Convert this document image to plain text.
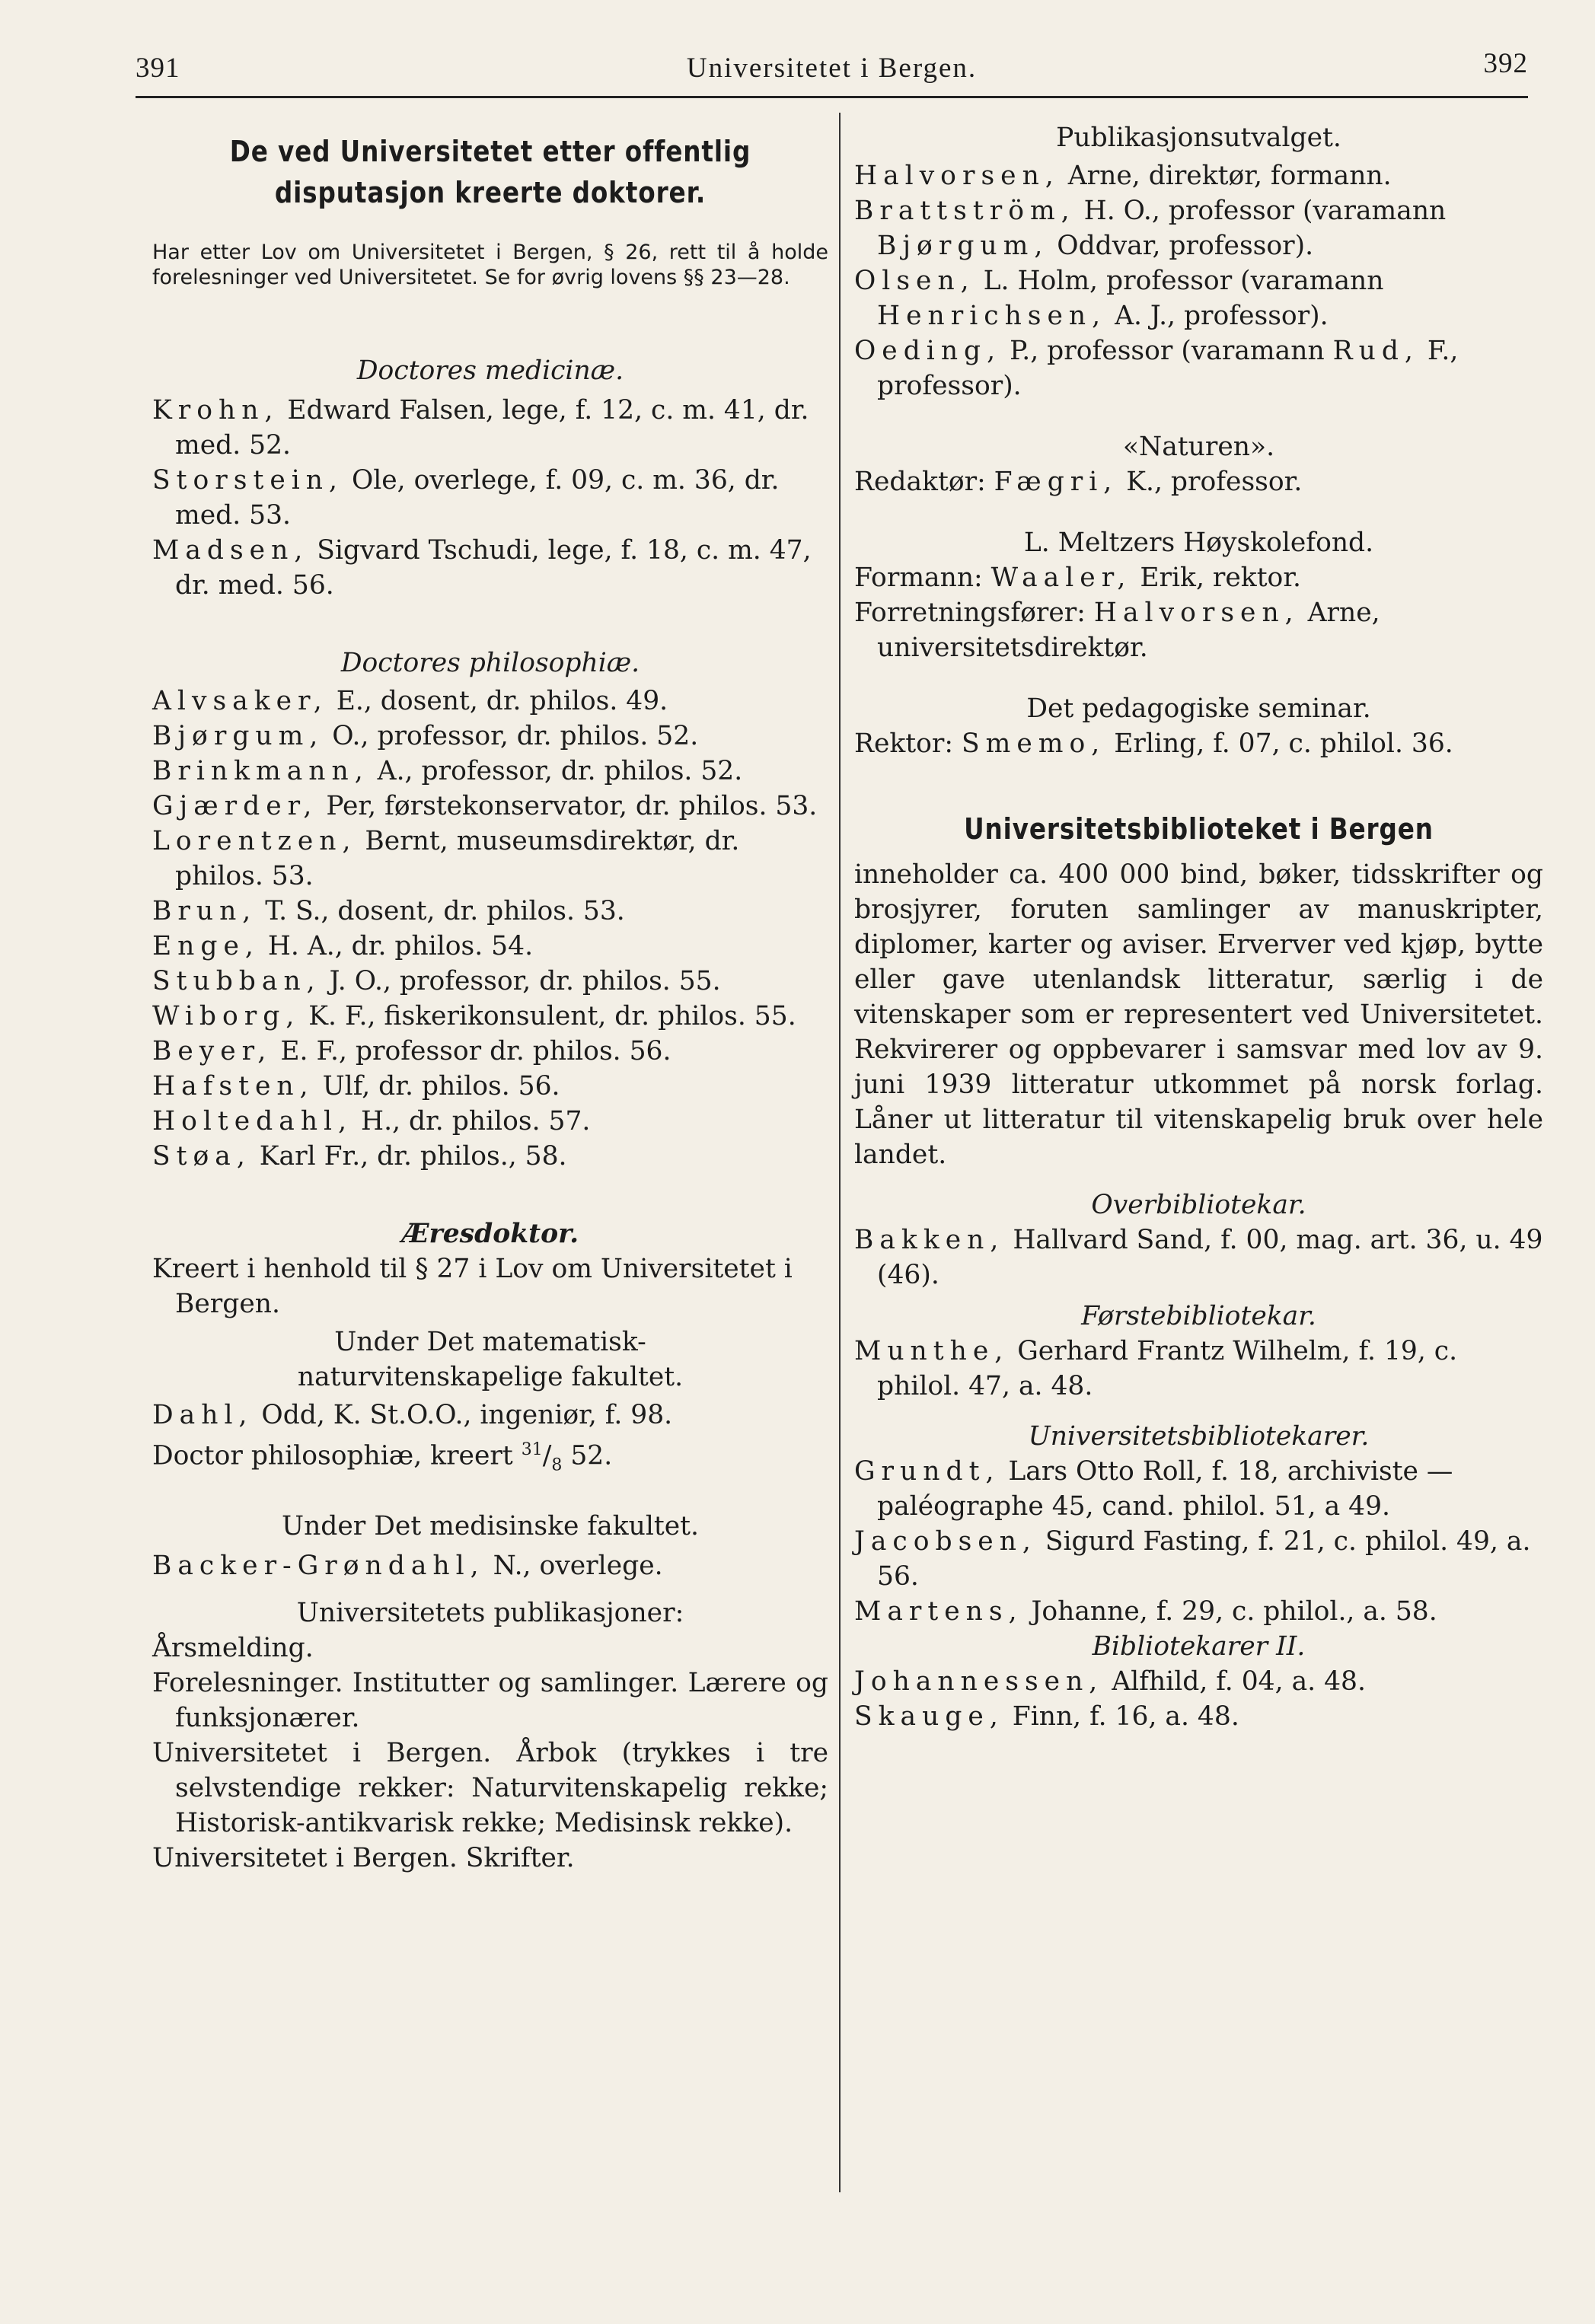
391	Universitetet i Bergen.	392
De ved Universitetet etter offentlig
disputasjon kreerte doktorer.

Har etter Lov om Universitetet i Bergen, § 26, rett til å holde forelesninger ved Universitetet. Se for øvrig lovens §§ 23—28.

Doctores medicinæ.

Krohn, Edward Falsen, lege, f. 12, c. m. 41, dr. med. 52.

Storstein, Ole, overlege, f. 09, c. m. 36, dr. med. 53.

Madsen, Sigvard Tschudi, lege, f. 18, c. m. 47, dr. med. 56.

Doctores philosophiæ.

Alvsaker, E., dosent, dr. philos. 49.

Bjørgum, O., professor, dr. philos. 52.

Brinkmann, A., professor, dr. philos. 52.

Gjærder, Per, førstekonservator, dr. philos. 53.

Lorentzen, Bernt, museumsdirektør, dr. philos. 53.

Brun, T. S., dosent, dr. philos. 53.

Enge, H. A., dr. philos. 54.

Stubban, J. O., professor, dr. philos. 55.

Wiborg, K. F., fiskerikonsulent, dr. philos. 55.

Beyer, E. F., professor dr. philos. 56.

Hafsten, Ulf, dr. philos. 56.

Holtedahl, H., dr. philos. 57.

Støa, Karl Fr., dr. philos., 58.

Æresdoktor.

Kreert i henhold til § 27 i Lov om Universitetet i Bergen.

Under Det matematisk-

naturvitenskapelige fakultet.

Dahl, Odd, K. St.O.O., ingeniør, f. 98.

Doctor philosophiæ, kreert $^{31}/_8$ 52.

Under Det medisinske fakultet.

Backer-Grøndahl, N., overlege.

Universitetets publikasjoner:

Årsmelding.

Forelesninger. Institutter og samlinger. Lærere og funksjonærer.

Universitetet i Bergen. Årbok (trykkes i tre selvstendige rekker: Naturvitenskapelig rekke; Historisk-antikvarisk rekke; Medisinsk rekke).

Universitetet i Bergen. Skrifter.

Publikasjonsutvalget.

Halvorsen, Arne, direktør, formann.

Brattström, H. O., professor (varamann Bjørgum, Oddvar, professor).

Olsen, L. Holm, professor (varamann Henrichsen, A. J., professor).

Oeding, P., professor (varamann Rud, F., professor).

«Naturen».

Redaktør: Fægri, K., professor.

L. Meltzers Høyskolefond.

Formann: Waaler, Erik, rektor.

Forretningsfører: Halvorsen, Arne, universitetsdirektør.

Det pedagogiske seminar.

Rektor: Smemo, Erling, f. 07, c. philol. 36.

Universitetsbiblioteket i Bergen

inneholder ca. 400 000 bind, bøker, tidsskrifter og brosjyrer, foruten samlinger av manuskripter, diplomer, karter og aviser. Erverver ved kjøp, bytte eller gave utenlandsk litteratur, særlig i de vitenskaper som er representert ved Universitetet. Rekvirerer og oppbevarer i samsvar med lov av 9. juni 1939 litteratur utkommet på norsk forlag. Låner ut litteratur til vitenskapelig bruk over hele landet.

Overbibliotekar.

Bakken, Hallvard Sand, f. 00, mag. art. 36, u. 49 (46).

Førstebibliotekar.

Munthe, Gerhard Frantz Wilhelm, f. 19, c. philol. 47, a. 48.

Universitetsbibliotekarer.

Grundt, Lars Otto Roll, f. 18, archiviste — paléographe 45, cand. philol. 51, a 49.

Jacobsen, Sigurd Fasting, f. 21, c. philol. 49, a. 56.

Martens, Johanne, f. 29, c. philol., a. 58.

Bibliotekarer II.

Johannessen, Alfhild, f. 04, a. 48.

Skauge, Finn, f. 16, a. 48.
